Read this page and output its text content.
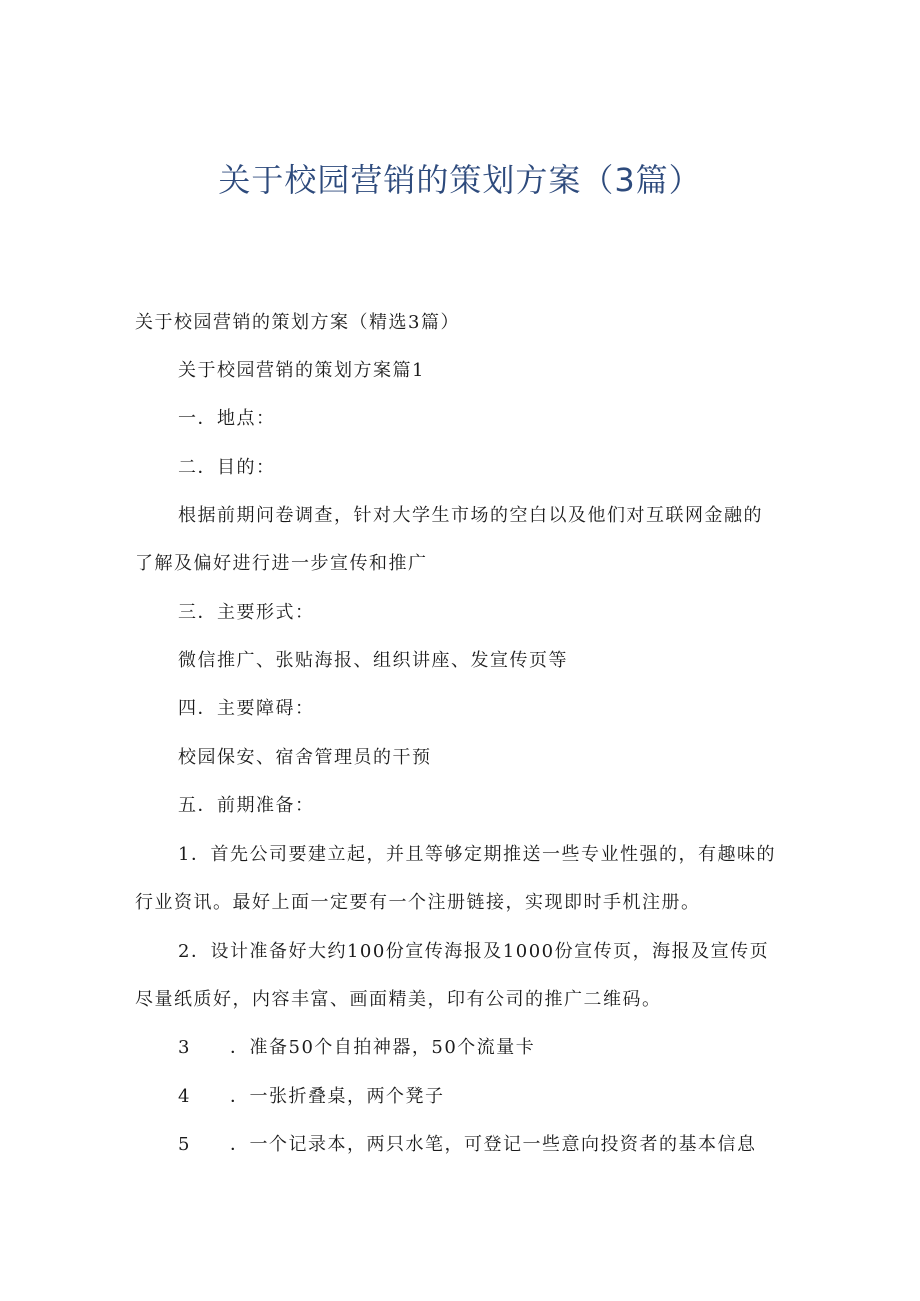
关于校园营销的策划方案（3篇）
关于校园营销的策划方案（精选3篇）
关于校园营销的策划方案篇1
一．地点：
二．目的：
根据前期问卷调查，针对大学生市场的空白以及他们对互联网金融的
了解及偏好进行进一步宣传和推广
三．主要形式：
微信推广、张贴海报、组织讲座、发宣传页等
四．主要障碍：
校园保安、宿舍管理员的干预
五．前期准备：
1．首先公司要建立起，并且等够定期推送一些专业性强的，有趣味的
行业资讯。最好上面一定要有一个注册链接，实现即时手机注册。
2．设计准备好大约100份宣传海报及1000份宣传页，海报及宣传页
尽量纸质好，内容丰富、画面精美，印有公司的推广二维码。
3 ．准备50个自拍神器，50个流量卡
4 ．一张折叠桌，两个凳子
5 ．一个记录本，两只水笔，可登记一些意向投资者的基本信息
